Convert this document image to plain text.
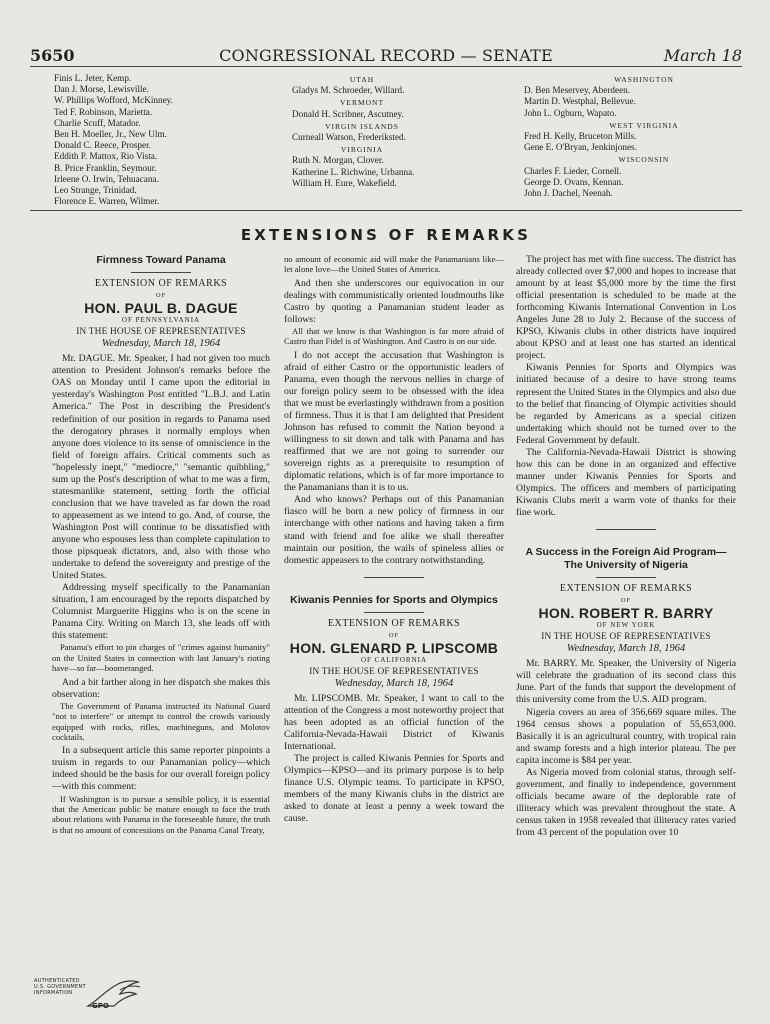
5650	CONGRESSIONAL RECORD — SENATE	March 18
Finis L. Jeter, Kemp.
Dan J. Morse, Lewisville.
W. Phillips Wofford, McKinney.
Ted F. Robinson, Marietta.
Charlie Scuff, Matador.
Ben H. Moeller, Jr., New Ulm.
Donald C. Reece, Prosper.
Eddith P. Mattox, Rio Vista.
B. Price Franklin, Seymour.
Irleene O. Irwin, Tehuacana.
Leo Strange, Trinidad.
Florence E. Warren, Wilmer.
UTAH
Gladys M. Schroeder, Willard.
VERMONT
Donald H. Scribner, Ascutney.
VIRGIN ISLANDS
Curneall Watson, Frederiksted.
VIRGINIA
Ruth N. Morgan, Clover.
Katherine L. Richwine, Urbanna.
William H. Eure, Wakefield.
WASHINGTON
D. Ben Meservey, Aberdeen.
Martin D. Westphal, Bellevue.
John L. Ogburn, Wapato.
WEST VIRGINIA
Fred H. Kelly, Bruceton Mills.
Gene E. O'Bryan, Jenkinjones.
WISCONSIN
Charles F. Lieder, Cornell.
George D. Ovans, Kennan.
John J. Dachel, Neenah.
EXTENSIONS OF REMARKS
Firmness Toward Panama
EXTENSION OF REMARKS
OF
HON. PAUL B. DAGUE
OF PENNSYLVANIA
IN THE HOUSE OF REPRESENTATIVES
Wednesday, March 18, 1964

Mr. DAGUE. Mr. Speaker, I had not given too much attention to President Johnson's remarks before the OAS on Monday until I came upon the editorial in yesterday's Washington Post entitled "L.B.J. and Latin America." The Post in describing the President's redefinition of our position in regards to Panama used the derogatory phrases it normally employs when anyone does violence to its sense of omniscience in the field of foreign affairs. Critical comments such as "hopelessly inept," "mediocre," "semantic quibbling," sum up the Post's description of what to me was a firm, statesmanlike statement, setting forth the official conclusion that we have traveled as far down the road to appeasement as we intend to go. And, of course, the Washington Post will continue to be dissatisfied with anyone who espouses less than complete capitulation to those pipsqueak dictators, and, also with those who undertake to defend the sovereignty and prestige of the United States.

Addressing myself specifically to the Panamanian situation, I am encouraged by the reports dispatched by Columnist Marguerite Higgins who is on the scene in Panama City. Writing on March 13, she leads off with this statement:

Panama's effort to pin charges of "crimes against humanity" on the United States in connection with last January's rioting have—so far—boomeranged.

And a bit farther along in her dispatch she makes this observation:

The Government of Panama instructed its National Guard "not to interfere" or attempt to control the crowds variously equipped with rocks, rifles, machineguns, and Molotov cocktails.

In a subsequent article this same reporter pinpoints a truism in regards to our Panamanian policy—which indeed should be the basis for our overall foreign policy—with this comment:

If Washington is to pursue a sensible policy, it is essential that the American public be mature enough to face the truth about relations with Panama in the foreseeable future, the truth is that no amount of concessions on the Panama Canal Treaty,

no amount of economic aid will make the Panamanians like—let alone love—the United States of America.

And then she underscores our equivocation in our dealings with communistically oriented loudmouths like Castro by quoting a Panamanian student leader as follows:

All that we know is that Washington is far more afraid of Castro than Fidel is of Washington. And Castro is on our side.

I do not accept the accusation that Washington is afraid of either Castro or the opportunistic leaders of Panama, even though the nervous nellies in charge of our foreign policy seem to be obsessed with the idea that we must be everlastingly withdrawn from a position of firmness. Thus it is that I am delighted that President Johnson has refused to commit the Nation beyond a willingness to sit down and talk with Panama and has reaffirmed that we are not going to surrender our sovereign rights as a prerequisite to resumption of diplomatic relations, which is of far more importance to the Panamanians than it is to us.

And who knows? Perhaps out of this Panamanian fiasco will be born a new policy of firmness in our interchange with other nations and having taken a firm stand with friend and foe alike we shall thereafter maintain our position, the wails of spineless allies or domestic appeasers to the contrary notwithstanding.

Kiwanis Pennies for Sports and Olympics
EXTENSION OF REMARKS
OF
HON. GLENARD P. LIPSCOMB
OF CALIFORNIA
IN THE HOUSE OF REPRESENTATIVES
Wednesday, March 18, 1964

Mr. LIPSCOMB. Mr. Speaker, I want to call to the attention of the Congress a most noteworthy project that has been adopted as an official function of the California-Nevada-Hawaii District of Kiwanis International.

The project is called Kiwanis Pennies for Sports and Olympics—KPSO—and its primary purpose is to help finance U.S. Olympic teams. To participate in KPSO, members of the many Kiwanis clubs in the district are asked to donate at least a penny a week toward the cause.

The project has met with fine success. The district has already collected over $7,000 and hopes to increase that amount by at least $5,000 more by the time the first official presentation is scheduled to be made at the forthcoming Kiwanis International Convention in Los Angeles June 28 to July 2. Because of the success of KPSO, Kiwanis clubs in other districts have inquired about KPSO and at least one has started an identical project.

Kiwanis Pennies for Sports and Olympics was initiated because of a desire to have strong teams represent the United States in the Olympics and also due to the belief that financing of Olympic activities should be regarded by Americans as a special citizen undertaking which should not be turned over to the Federal Government by default.

The California-Nevada-Hawaii District is showing how this can be done in an organized and effective manner under Kiwanis Pennies for Sports and Olympics. The officers and members of participating Kiwanis Clubs merit a warm vote of thanks for their fine work.

A Success in the Foreign Aid Program—
The University of Nigeria
EXTENSION OF REMARKS
OF
HON. ROBERT R. BARRY
OF NEW YORK
IN THE HOUSE OF REPRESENTATIVES
Wednesday, March 18, 1964

Mr. BARRY. Mr. Speaker, the University of Nigeria will celebrate the graduation of its second class this June. Part of the funds that support the development of this university come from the U.S. AID program.

Nigeria covers an area of 356,669 square miles. The 1964 census shows a population of 55,653,000. Basically it is an agricultural country, with tropical rain and swamp forests and a high interior plateau. The per capita income is $84 per year.

As Nigeria moved from colonial status, through self-government, and finally to independence, government officials became aware of the deplorable rate of illiteracy which was prevalent throughout the state. A census taken in 1958 revealed that illiteracy rates varied from 43 percent of the population over 10

AUTHENTICATED
U.S. GOVERNMENT
INFORMATION
GPO
